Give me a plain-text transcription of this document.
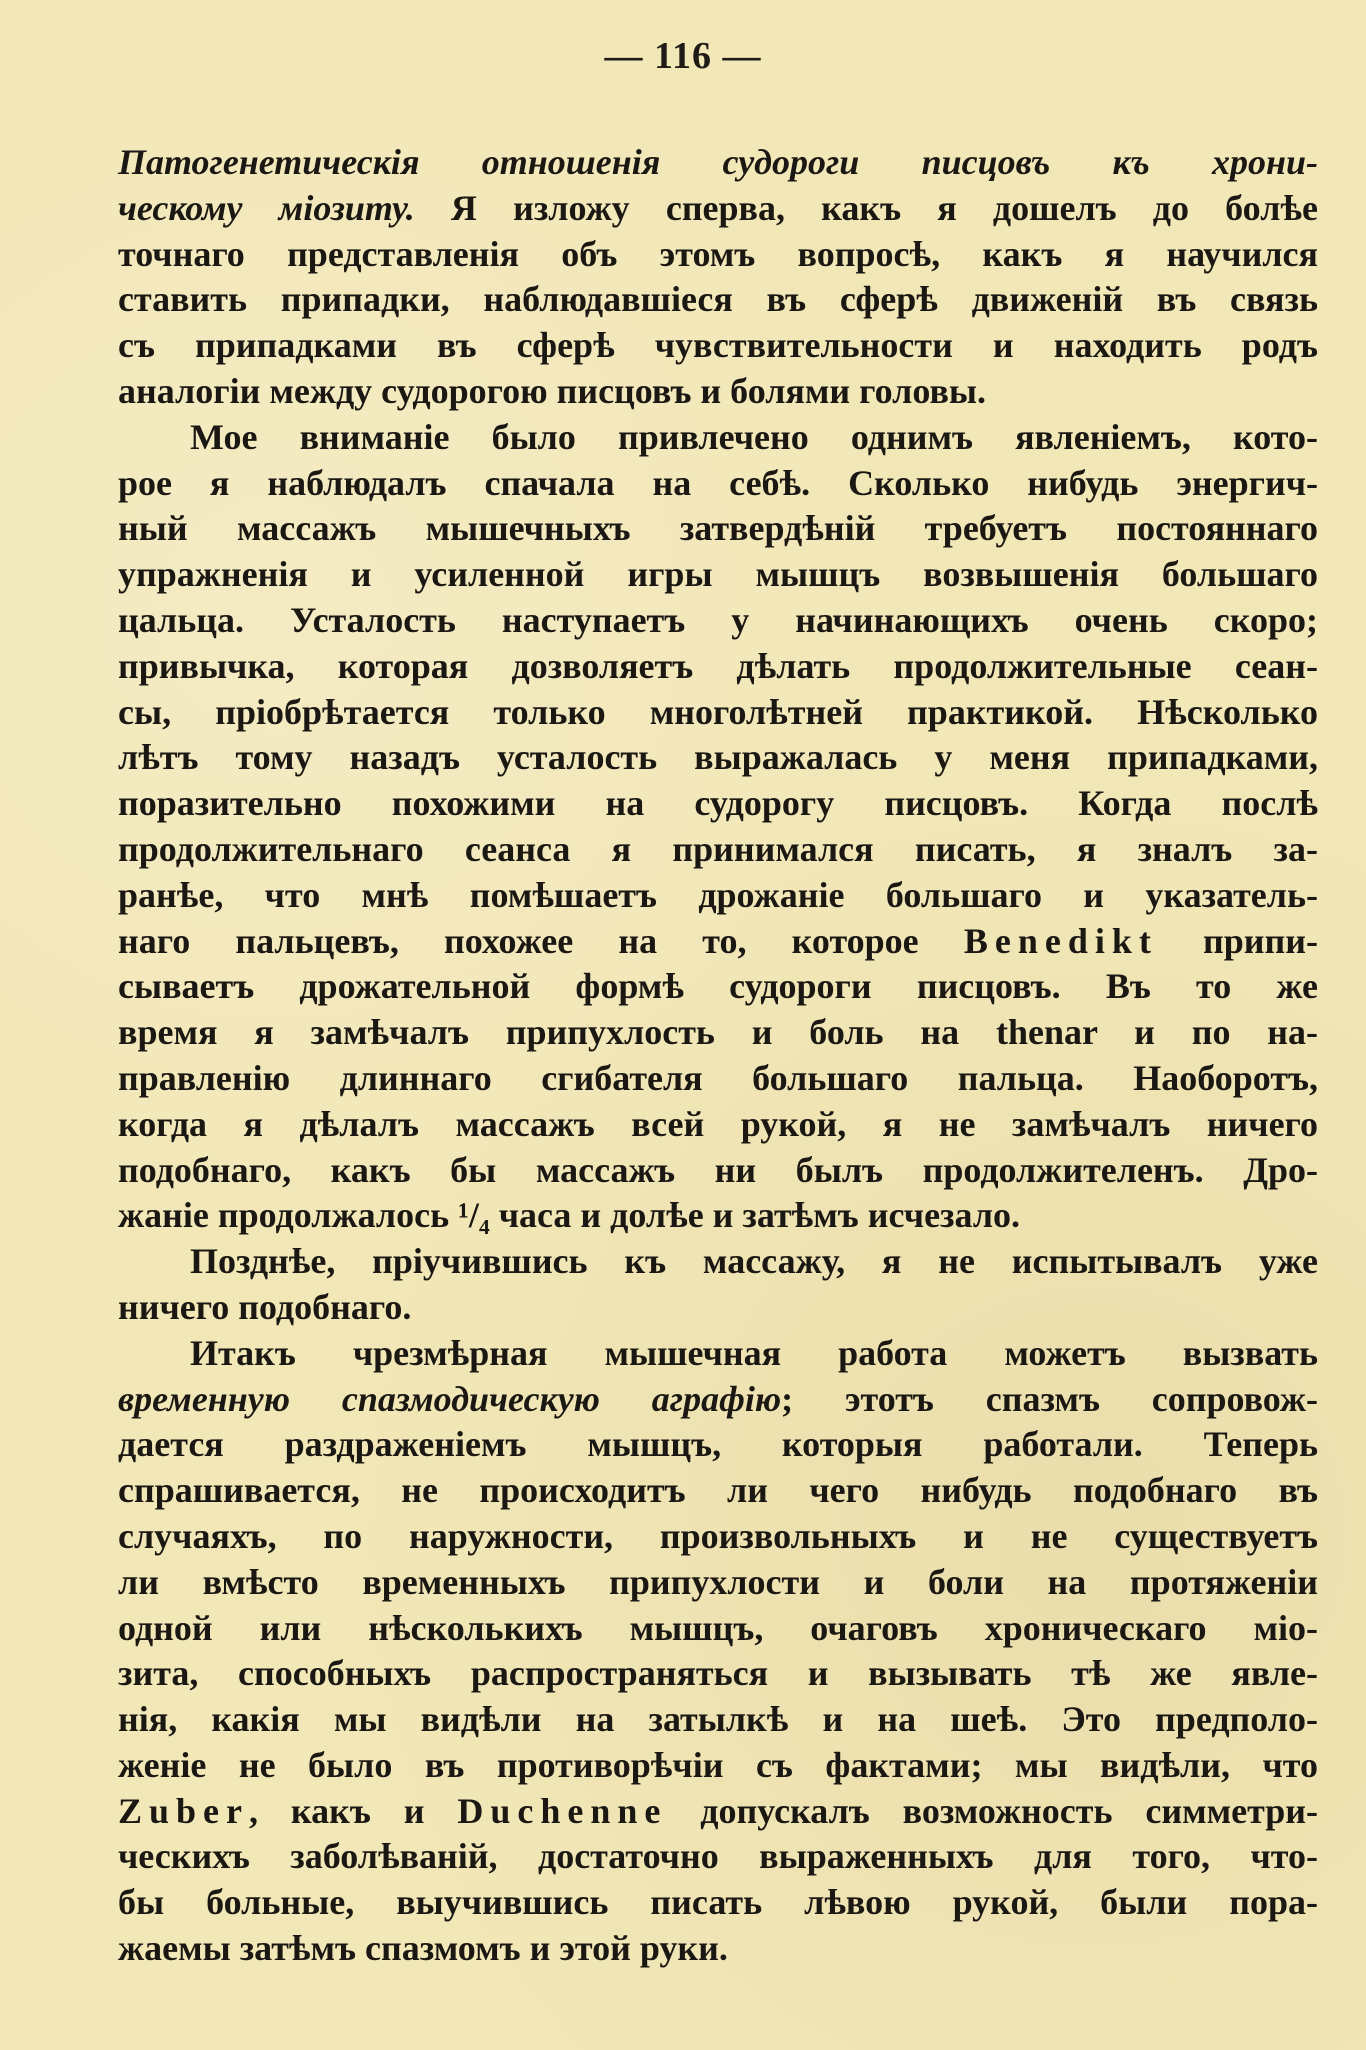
— 116 —
Патогенетическія отношенія судороги писцовъ къ хрони-
ческому міозиту. Я изложу сперва, какъ я дошелъ до болѣе
точнаго представленія объ этомъ вопросѣ, какъ я научился
ставить припадки, наблюдавшіеся въ сферѣ движеній въ связь
съ припадками въ сферѣ чувствительности и находить родъ
аналогіи между судорогою писцовъ и болями головы.
Мое вниманіе было привлечено однимъ явленіемъ, кото-
рое я наблюдалъ спачала на себѣ. Сколько нибудь энергич-
ный массажъ мышечныхъ затвердѣній требуетъ постояннаго
упражненія и усиленной игры мышцъ возвышенія большаго
цальца. Усталость наступаетъ у начинающихъ очень скоро;
привычка, которая дозволяетъ дѣлать продолжительные сеан-
сы, пріобрѣтается только многолѣтней практикой. Нѣсколько
лѣтъ тому назадъ усталость выражалась у меня припадками,
поразительно похожими на судорогу писцовъ. Когда послѣ
продолжительнаго сеанса я принимался писать, я зналъ за-
ранѣе, что мнѣ помѣшаетъ дрожаніе большаго и указатель-
наго пальцевъ, похожее на то, которое Benedikt припи-
сываетъ дрожательной формѣ судороги писцовъ. Въ то же
время я замѣчалъ припухлость и боль на thenar и по на-
правленію длиннаго сгибателя большаго пальца. Наоборотъ,
когда я дѣлалъ массажъ всей рукой, я не замѣчалъ ничего
подобнаго, какъ бы массажъ ни былъ продолжителенъ. Дро-
жаніе продолжалось ¹/₄ часа и долѣе и затѣмъ исчезало.
Позднѣе, пріучившись къ массажу, я не испытывалъ уже
ничего подобнаго.
Итакъ чрезмѣрная мышечная работа можетъ вызвать
временную спазмодическую аграфію; этотъ спазмъ сопровож-
дается раздраженіемъ мышцъ, которыя работали. Теперь
спрашивается, не происходитъ ли чего нибудь подобнаго въ
случаяхъ, по наружности, произвольныхъ и не существуетъ
ли вмѣсто временныхъ припухлости и боли на протяженіи
одной или нѣсколькихъ мышцъ, очаговъ хроническаго міо-
зита, способныхъ распространяться и вызывать тѣ же явле-
нія, какія мы видѣли на затылкѣ и на шеѣ. Это предполо-
женіе не было въ противорѣчіи съ фактами; мы видѣли, что
Zuber, какъ и Duchenne допускалъ возможность симметри-
ческихъ заболѣваній, достаточно выраженныхъ для того, что-
бы больные, выучившись писать лѣвою рукой, были пора-
жаемы затѣмъ спазмомъ и этой руки.
